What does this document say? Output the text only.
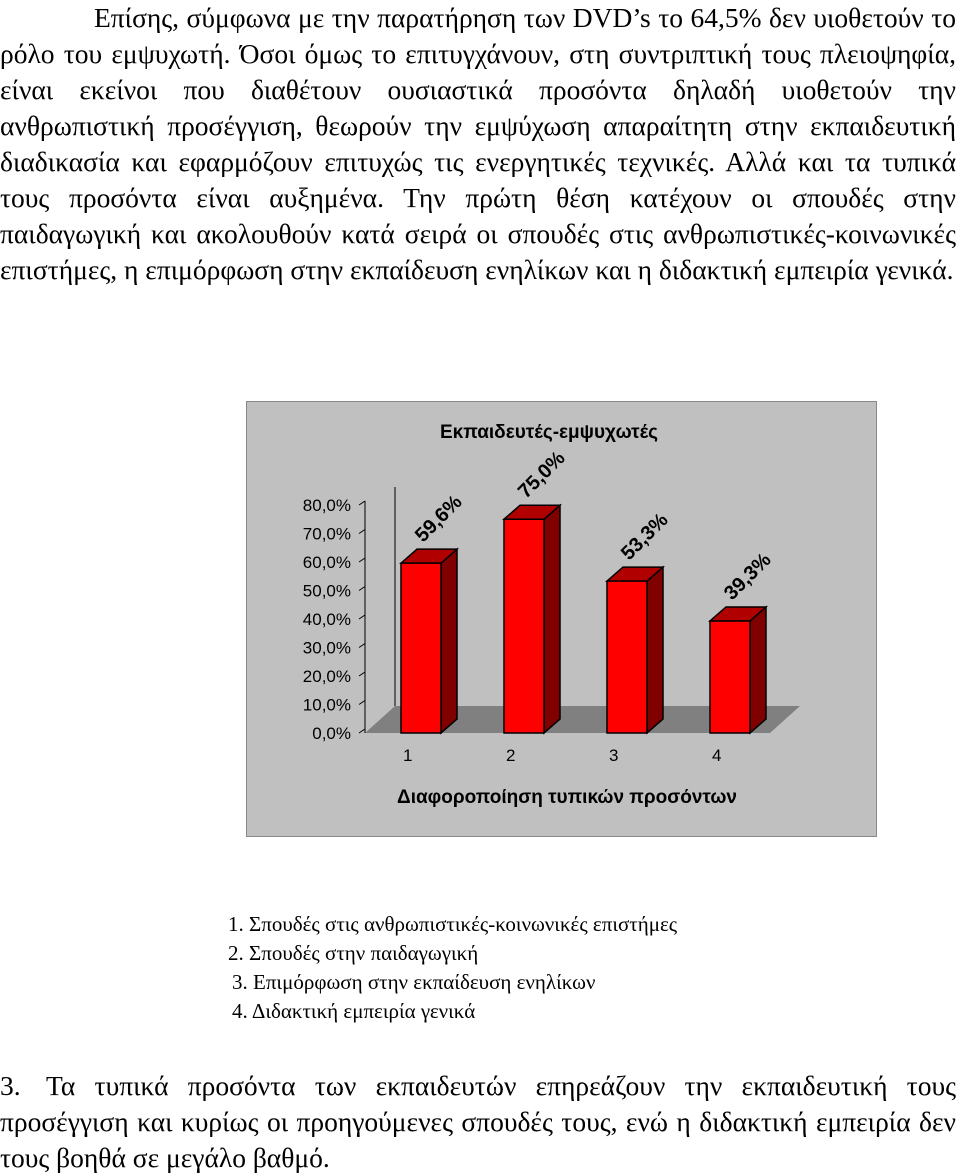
Επίσης, σύμφωνα με την παρατήρηση των DVD’s το 64,5% δεν υιοθετούν το ρόλο του εμψυχωτή. Όσοι όμως το επιτυγχάνουν, στη συντριπτική τους πλειοψηφία, είναι εκείνοι που διαθέτουν ουσιαστικά προσόντα δηλαδή υιοθετούν την ανθρωπιστική προσέγγιση, θεωρούν την εμψύχωση απαραίτητη στην εκπαιδευτική διαδικασία και εφαρμόζουν επιτυχώς τις ενεργητικές τεχνικές. Αλλά και τα τυπικά τους προσόντα είναι αυξημένα. Την πρώτη θέση κατέχουν οι σπουδές στην παιδαγωγική και ακολουθούν κατά σειρά οι σπουδές στις ανθρωπιστικές-κοινωνικές επιστήμες, η επιμόρφωση στην εκπαίδευση ενηλίκων και η διδακτική εμπειρία γενικά.

Εκπαιδευτές-εμψυχωτές
0,0%
10,0%
20,0%
30,0%
40,0%
50,0%
60,0%
70,0%
80,0%	59,6%
75,0%
53,3%
39,3%
1	2	3	4
Διαφοροποίηση τυπικών προσόντων

1. Σπουδές στις ανθρωπιστικές-κοινωνικές επιστήμες

2. Σπουδές στην παιδαγωγική

3. Επιμόρφωση στην εκπαίδευση ενηλίκων

4. Διδακτική εμπειρία γενικά

3. Τα τυπικά προσόντα των εκπαιδευτών επηρεάζουν την εκπαιδευτική τους προσέγγιση και κυρίως οι προηγούμενες σπουδές τους, ενώ η διδακτική εμπειρία δεν τους βοηθά σε μεγάλο βαθμό.
